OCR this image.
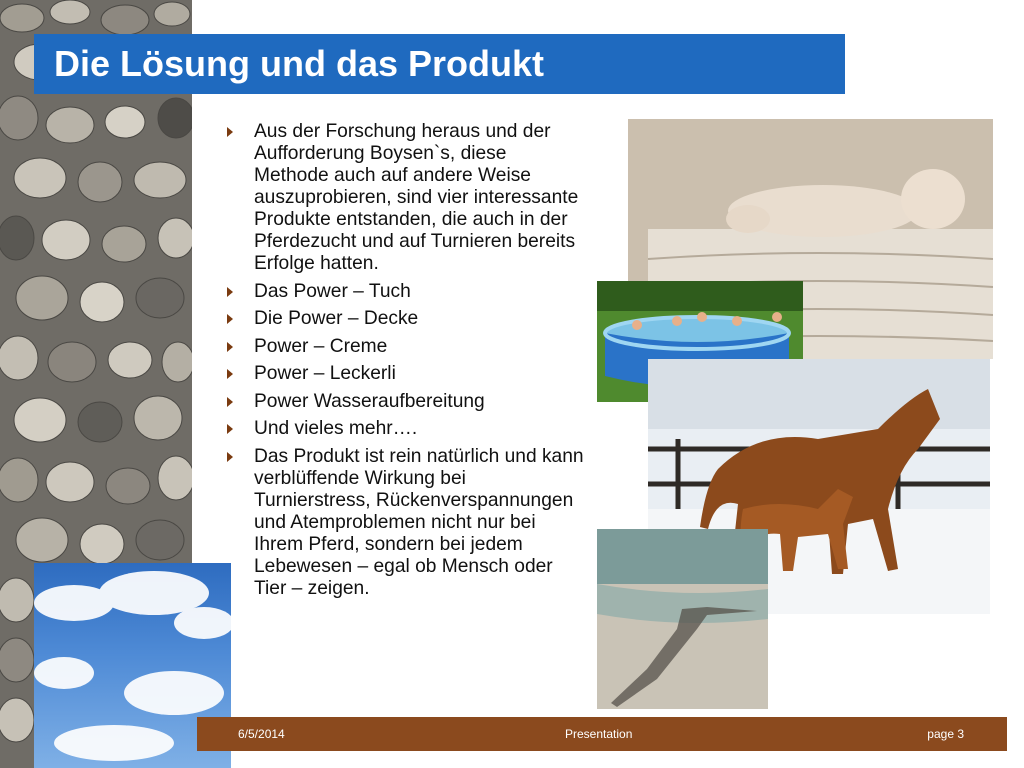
Die Lösung und das Produkt
Aus der Forschung heraus und der Aufforderung Boysen`s, diese Methode auch auf andere Weise auszuprobieren, sind vier interessante Produkte entstanden, die auch in der Pferdezucht und auf Turnieren bereits Erfolge hatten.
Das Power – Tuch
Die Power – Decke
Power – Creme
Power – Leckerli
Power Wasseraufbereitung
Und vieles mehr….
Das Produkt ist rein natürlich und kann verblüffende Wirkung bei Turnierstress, Rückenverspannungen und Atemproblemen nicht nur bei Ihrem Pferd, sondern bei jedem Lebewesen – egal ob Mensch oder Tier – zeigen.
6/5/2014	Presentation	page 3
